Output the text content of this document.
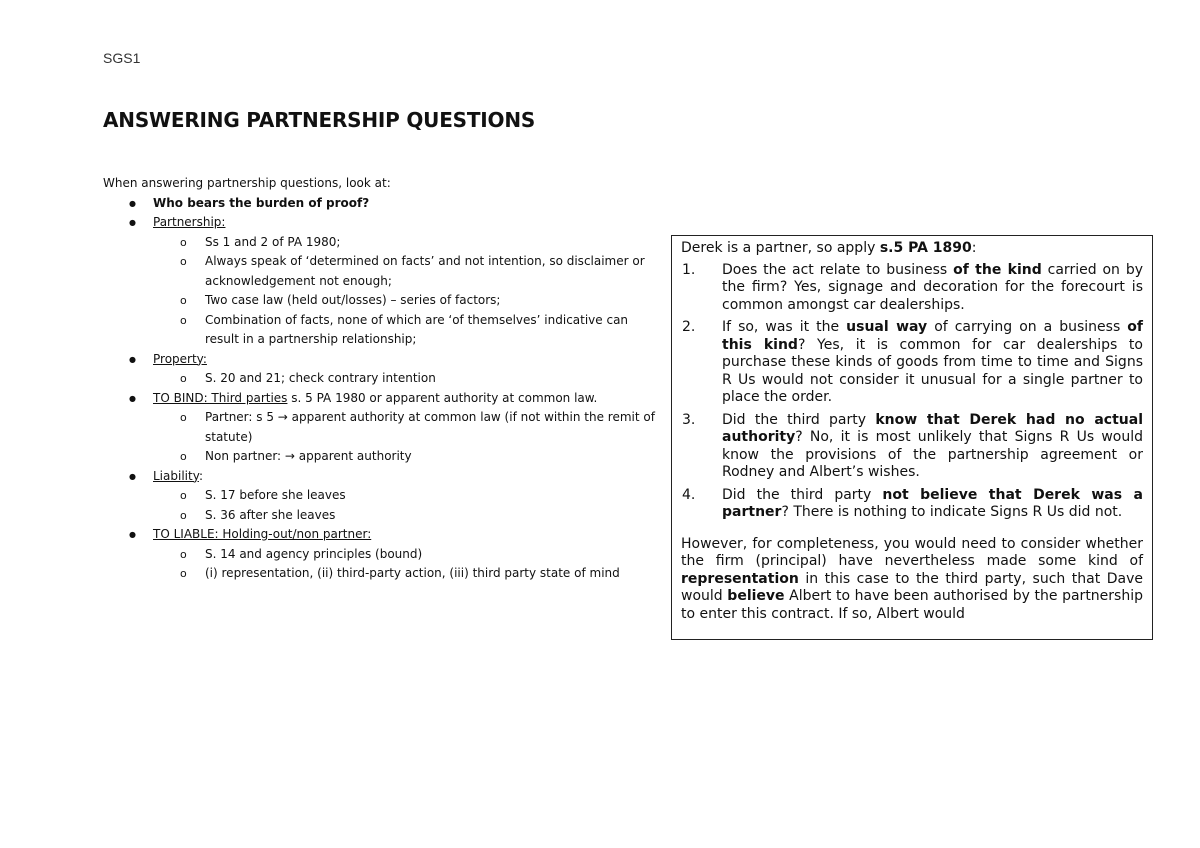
SGS1
ANSWERING PARTNERSHIP QUESTIONS

When answering partnership questions, look at:

● Who bears the burden of proof?
● Partnership:
o Ss 1 and 2 of PA 1980;
o Always speak of ‘determined on facts’ and not intention, so disclaimer or acknowledgement not enough;
o Two case law (held out/losses) – series of factors;
o Combination of facts, none of which are ‘of themselves’ indicative can result in a partnership relationship;
● Property:
o S. 20 and 21; check contrary intention
● TO BIND: Third parties s. 5 PA 1980 or apparent authority at common law.
o Partner: s 5 → apparent authority at common law (if not within the remit of statute)
o Non partner: → apparent authority
● Liability:
o S. 17 before she leaves
o S. 36 after she leaves
● TO LIABLE: Holding-out/non partner:
o S. 14 and agency principles (bound)
o (i) representation, (ii) third-party action, (iii) third party state of mind

Derek is a partner, so apply s.5 PA 1890:

1. Does the act relate to business of the kind carried on by the firm? Yes, signage and decoration for the forecourt is common amongst car dealerships.
2. If so, was it the usual way of carrying on a business of this kind? Yes, it is common for car dealerships to purchase these kinds of goods from time to time and Signs R Us would not consider it unusual for a single partner to place the order.
3. Did the third party know that Derek had no actual authority? No, it is most unlikely that Signs R Us would know the provisions of the partnership agreement or Rodney and Albert’s wishes.
4. Did the third party not believe that Derek was a partner? There is nothing to indicate Signs R Us did not.

However, for completeness, you would need to consider whether the firm (principal) have nevertheless made some kind of representation in this case to the third party, such that Dave would believe Albert to have been authorised by the partnership to enter this contract. If so, Albert would
